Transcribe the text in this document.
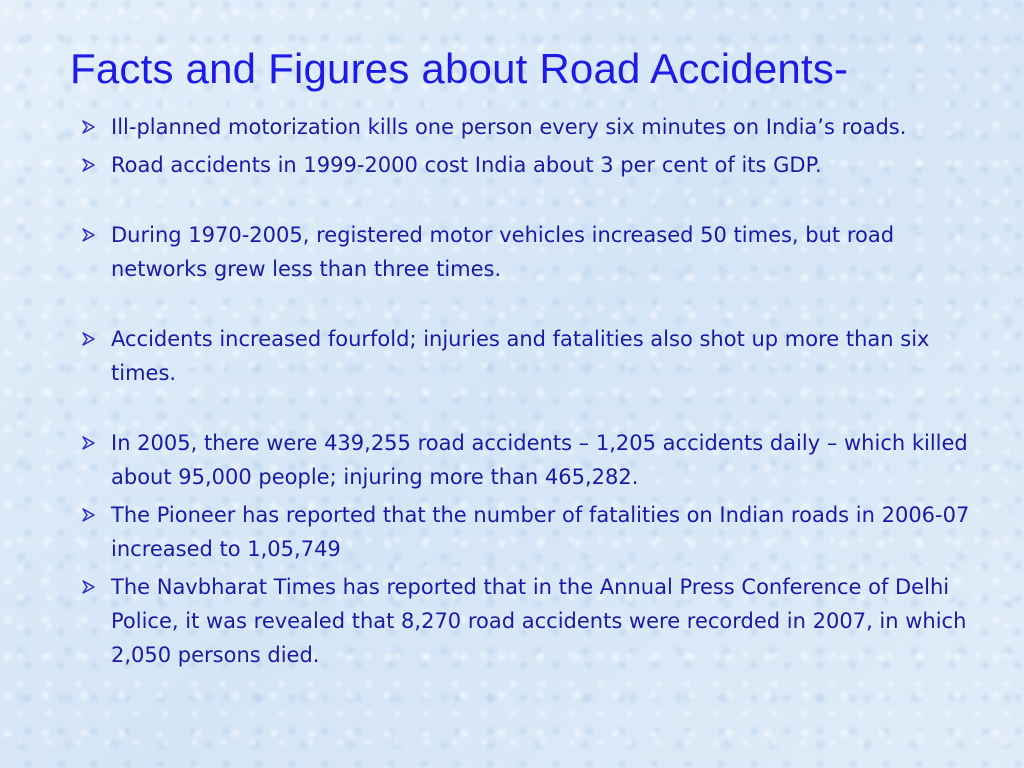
Facts and Figures about Road Accidents-
Ill-planned motorization kills one person every six minutes on India’s roads.
Road accidents in 1999-2000 cost India about 3 per cent of its GDP.
During 1970-2005, registered motor vehicles increased 50 times, but road networks grew less than three times.
Accidents increased fourfold; injuries and fatalities also shot up more than six times.
In 2005, there were 439,255 road accidents – 1,205 accidents daily – which killed about 95,000 people; injuring more than 465,282.
The Pioneer has reported that the number of fatalities on Indian roads in 2006-07 increased to 1,05,749
The Navbharat Times has reported that in the Annual Press Conference of Delhi Police, it was revealed that 8,270 road accidents were recorded in 2007, in which 2,050 persons died.
